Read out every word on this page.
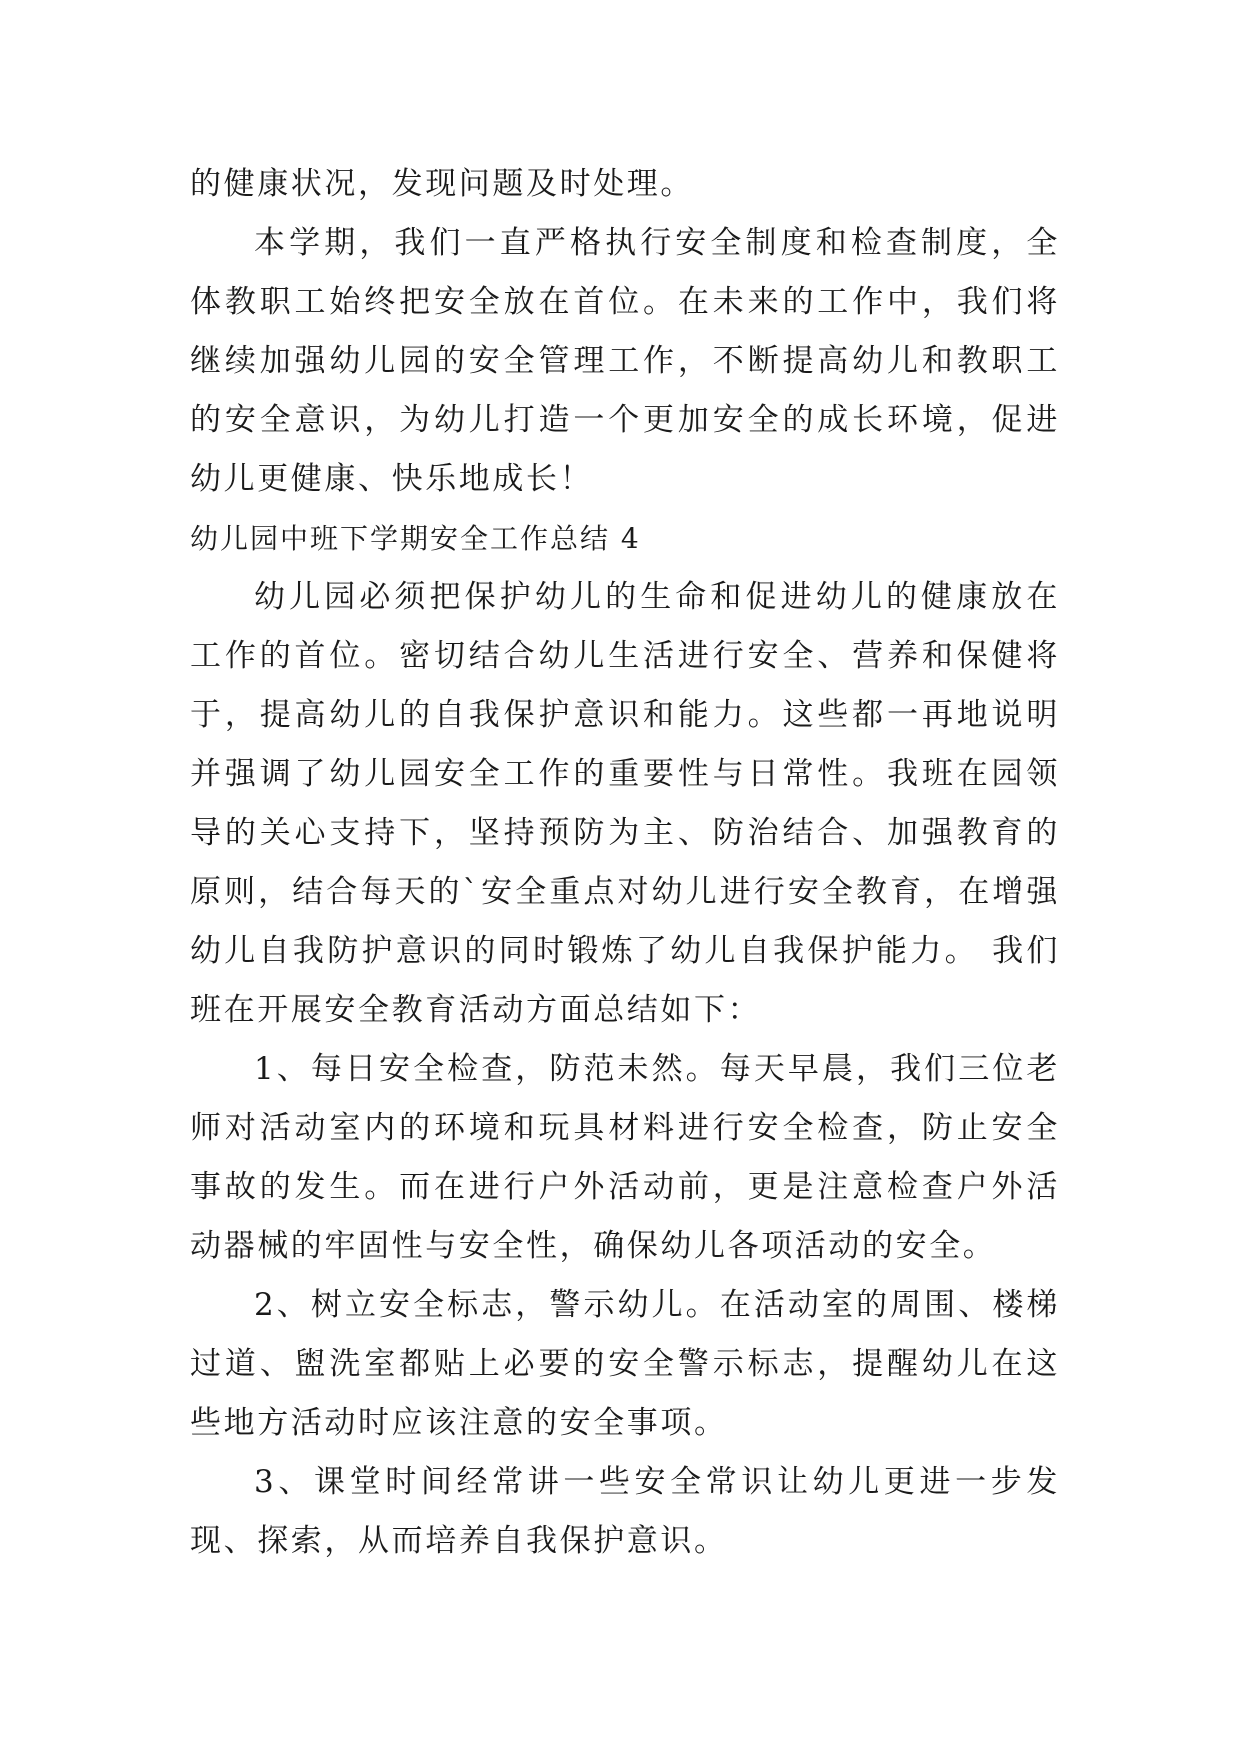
的健康状况，发现问题及时处理。

本学期，我们一直严格执行安全制度和检查制度，全体教职工始终把安全放在首位。在未来的工作中，我们将继续加强幼儿园的安全管理工作，不断提高幼儿和教职工的安全意识，为幼儿打造一个更加安全的成长环境，促进幼儿更健康、快乐地成长！

幼儿园中班下学期安全工作总结 4

幼儿园必须把保护幼儿的生命和促进幼儿的健康放在工作的首位。密切结合幼儿生活进行安全、营养和保健将于，提高幼儿的自我保护意识和能力。这些都一再地说明并强调了幼儿园安全工作的重要性与日常性。我班在园领导的关心支持下，坚持预防为主、防治结合、加强教育的原则，结合每天的`安全重点对幼儿进行安全教育，在增强幼儿自我防护意识的同时锻炼了幼儿自我保护能力。 我们班在开展安全教育活动方面总结如下：

1、每日安全检查，防范未然。每天早晨，我们三位老师对活动室内的环境和玩具材料进行安全检查，防止安全事故的发生。而在进行户外活动前，更是注意检查户外活动器械的牢固性与安全性，确保幼儿各项活动的安全。

2、树立安全标志，警示幼儿。在活动室的周围、楼梯过道、盥洗室都贴上必要的安全警示标志，提醒幼儿在这些地方活动时应该注意的安全事项。

3、课堂时间经常讲一些安全常识让幼儿更进一步发现、探索，从而培养自我保护意识。
